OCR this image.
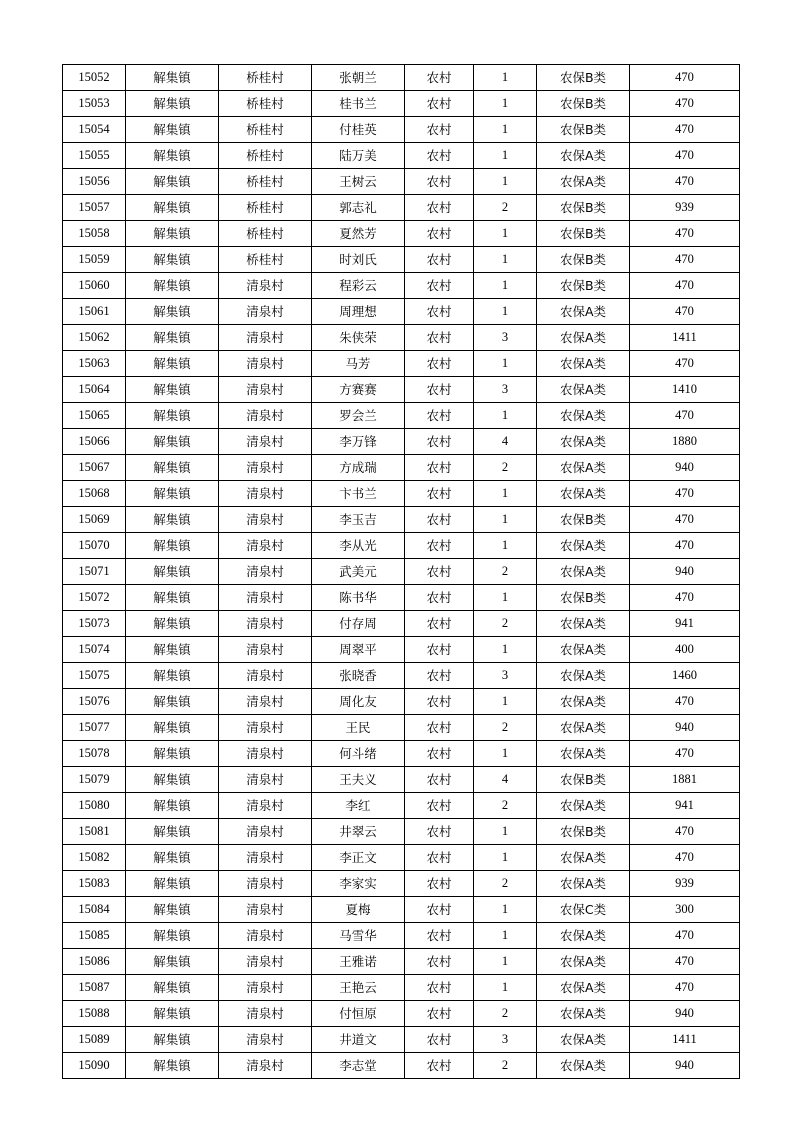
15052	解集镇	桥桂村	张朝兰	农村	1	农保B类	470
15053	解集镇	桥桂村	桂书兰	农村	1	农保B类	470
15054	解集镇	桥桂村	付桂英	农村	1	农保B类	470
15055	解集镇	桥桂村	陆万美	农村	1	农保A类	470
15056	解集镇	桥桂村	王树云	农村	1	农保A类	470
15057	解集镇	桥桂村	郭志礼	农村	2	农保B类	939
15058	解集镇	桥桂村	夏然芳	农村	1	农保B类	470
15059	解集镇	桥桂村	时刘氏	农村	1	农保B类	470
15060	解集镇	清泉村	程彩云	农村	1	农保B类	470
15061	解集镇	清泉村	周理想	农村	1	农保A类	470
15062	解集镇	清泉村	朱侠荣	农村	3	农保A类	1411
15063	解集镇	清泉村	马芳	农村	1	农保A类	470
15064	解集镇	清泉村	方赛赛	农村	3	农保A类	1410
15065	解集镇	清泉村	罗会兰	农村	1	农保A类	470
15066	解集镇	清泉村	李万锋	农村	4	农保A类	1880
15067	解集镇	清泉村	方成瑞	农村	2	农保A类	940
15068	解集镇	清泉村	卞书兰	农村	1	农保A类	470
15069	解集镇	清泉村	李玉吉	农村	1	农保B类	470
15070	解集镇	清泉村	李从光	农村	1	农保A类	470
15071	解集镇	清泉村	武美元	农村	2	农保A类	940
15072	解集镇	清泉村	陈书华	农村	1	农保B类	470
15073	解集镇	清泉村	付存周	农村	2	农保A类	941
15074	解集镇	清泉村	周翠平	农村	1	农保A类	400
15075	解集镇	清泉村	张晓香	农村	3	农保A类	1460
15076	解集镇	清泉村	周化友	农村	1	农保A类	470
15077	解集镇	清泉村	王民	农村	2	农保A类	940
15078	解集镇	清泉村	何斗绪	农村	1	农保A类	470
15079	解集镇	清泉村	王夫义	农村	4	农保B类	1881
15080	解集镇	清泉村	李红	农村	2	农保A类	941
15081	解集镇	清泉村	井翠云	农村	1	农保B类	470
15082	解集镇	清泉村	李正文	农村	1	农保A类	470
15083	解集镇	清泉村	李家实	农村	2	农保A类	939
15084	解集镇	清泉村	夏梅	农村	1	农保C类	300
15085	解集镇	清泉村	马雪华	农村	1	农保A类	470
15086	解集镇	清泉村	王雅诺	农村	1	农保A类	470
15087	解集镇	清泉村	王艳云	农村	1	农保A类	470
15088	解集镇	清泉村	付恒原	农村	2	农保A类	940
15089	解集镇	清泉村	井道文	农村	3	农保A类	1411
15090	解集镇	清泉村	李志堂	农村	2	农保A类	940
